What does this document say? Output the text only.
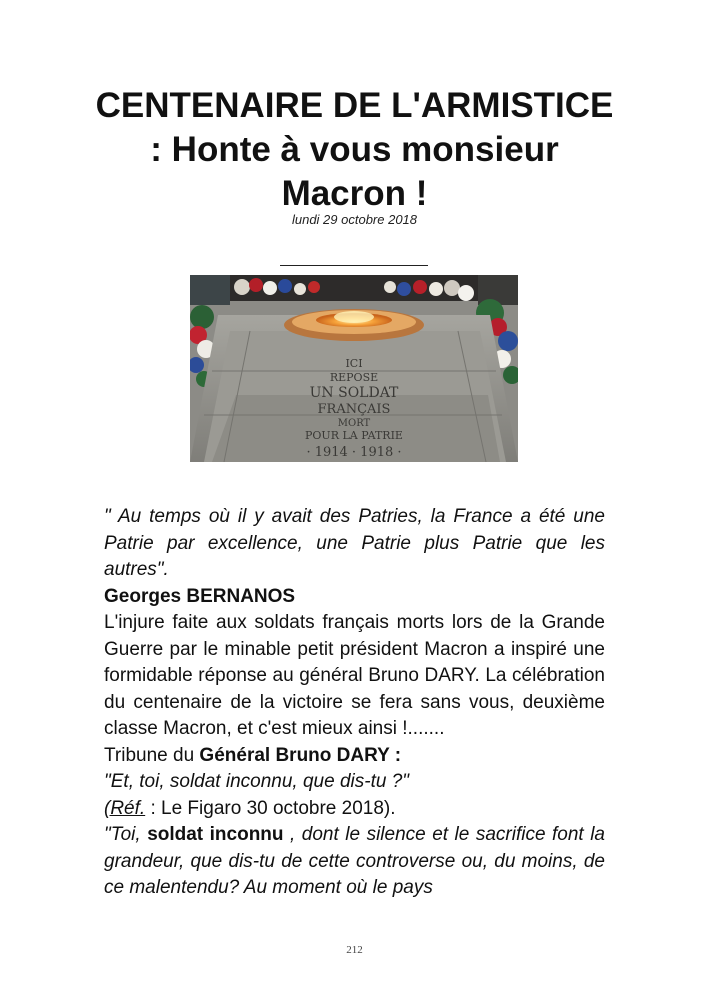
CENTENAIRE DE L'ARMISTICE : Honte à vous monsieur Macron !
lundi 29 octobre 2018
ICI
REPOSE
UN SOLDAT
FRANÇAIS
MORT
POUR LA PATRIE
· 1914 · 1918 ·

" Au temps où il y avait des Patries, la France a été une Patrie par excellence, une Patrie plus Patrie que les autres".

Georges BERNANOS

L'injure faite aux soldats français morts lors de la Grande Guerre par le minable petit président Macron a inspiré une formidable réponse au général Bruno DARY. La célébration du centenaire de la victoire se fera sans vous, deuxième classe Macron, et c'est mieux ainsi !.......

Tribune du Général Bruno DARY :
"Et, toi, soldat inconnu, que dis-tu ?"
(Réf. : Le Figaro 30 octobre 2018).

"Toi, soldat inconnu , dont le silence et le sacrifice font la grandeur, que dis-tu de cette controverse ou, du moins, de ce malentendu? Au moment où le pays

212
